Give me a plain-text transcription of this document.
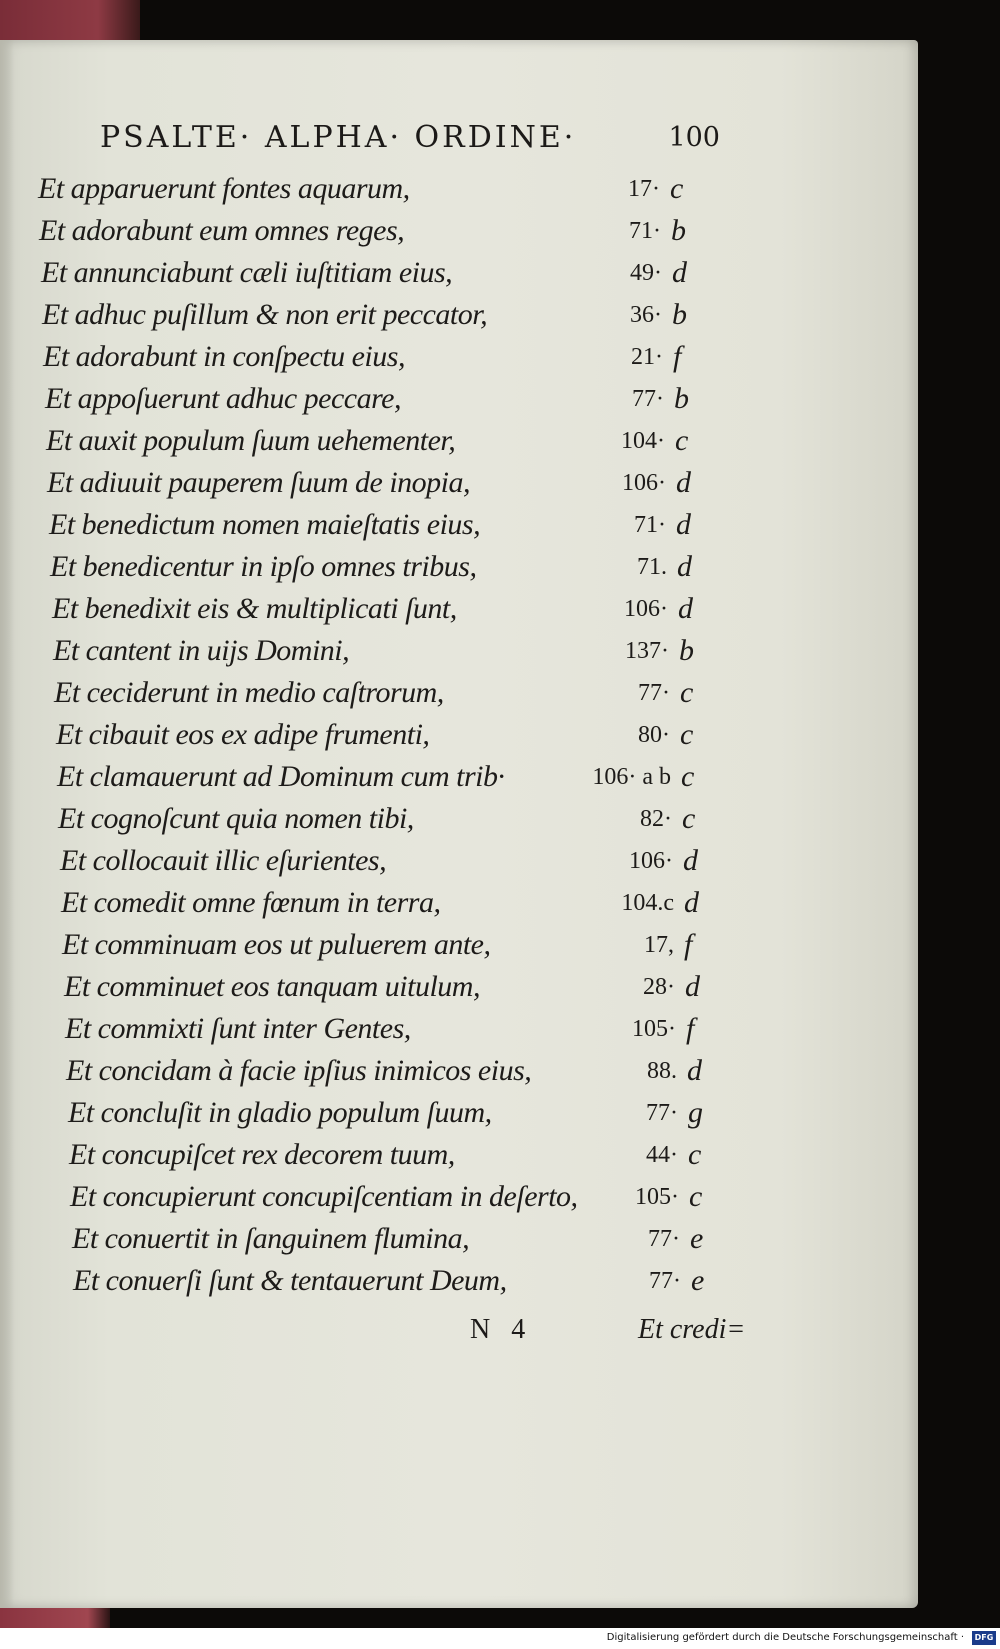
PSALTE· ALPHA· ORDINE·	100
Et apparuerunt fontes aquarum,	17· c
Et adorabunt eum omnes reges,	71· b
Et annunciabunt cæli iuſtitiam eius,	49· d
Et adhuc puſillum & non erit peccator,	36· b
Et adorabunt in conſpectu eius,	21· f
Et appoſuerunt adhuc peccare,	77· b
Et auxit populum ſuum uehementer,	104· c
Et adiuuit pauperem ſuum de inopia,	106· d
Et benedictum nomen maieſtatis eius,	71· d
Et benedicentur in ipſo omnes tribus,	71. d
Et benedixit eis & multiplicati ſunt,	106· d
Et cantent in uijs Domini,	137· b
Et ceciderunt in medio caſtrorum,	77· c
Et cibauit eos ex adipe frumenti,	80· c
Et clamauerunt ad Dominum cum trib·	106· a b c
Et cognoſcunt quia nomen tibi,	82· c
Et collocauit illic eſurientes,	106· d
Et comedit omne fœnum in terra,	104.c d
Et comminuam eos ut puluerem ante,	17, f
Et comminuet eos tanquam uitulum,	28· d
Et commixti ſunt inter Gentes,	105· f
Et concidam à facie ipſius inimicos eius,	88. d
Et concluſit in gladio populum ſuum,	77· g
Et concupiſcet rex decorem tuum,	44· c
Et concupierunt concupiſcentiam in deſerto, 105· c
Et conuertit in ſanguinem flumina,	77· e
Et conuerſi ſunt & tentauerunt Deum,	77· e
N 4	Et credi=
Digitalisierung gefördert durch die Deutsche Forschungsgemeinschaft ·	DFG
